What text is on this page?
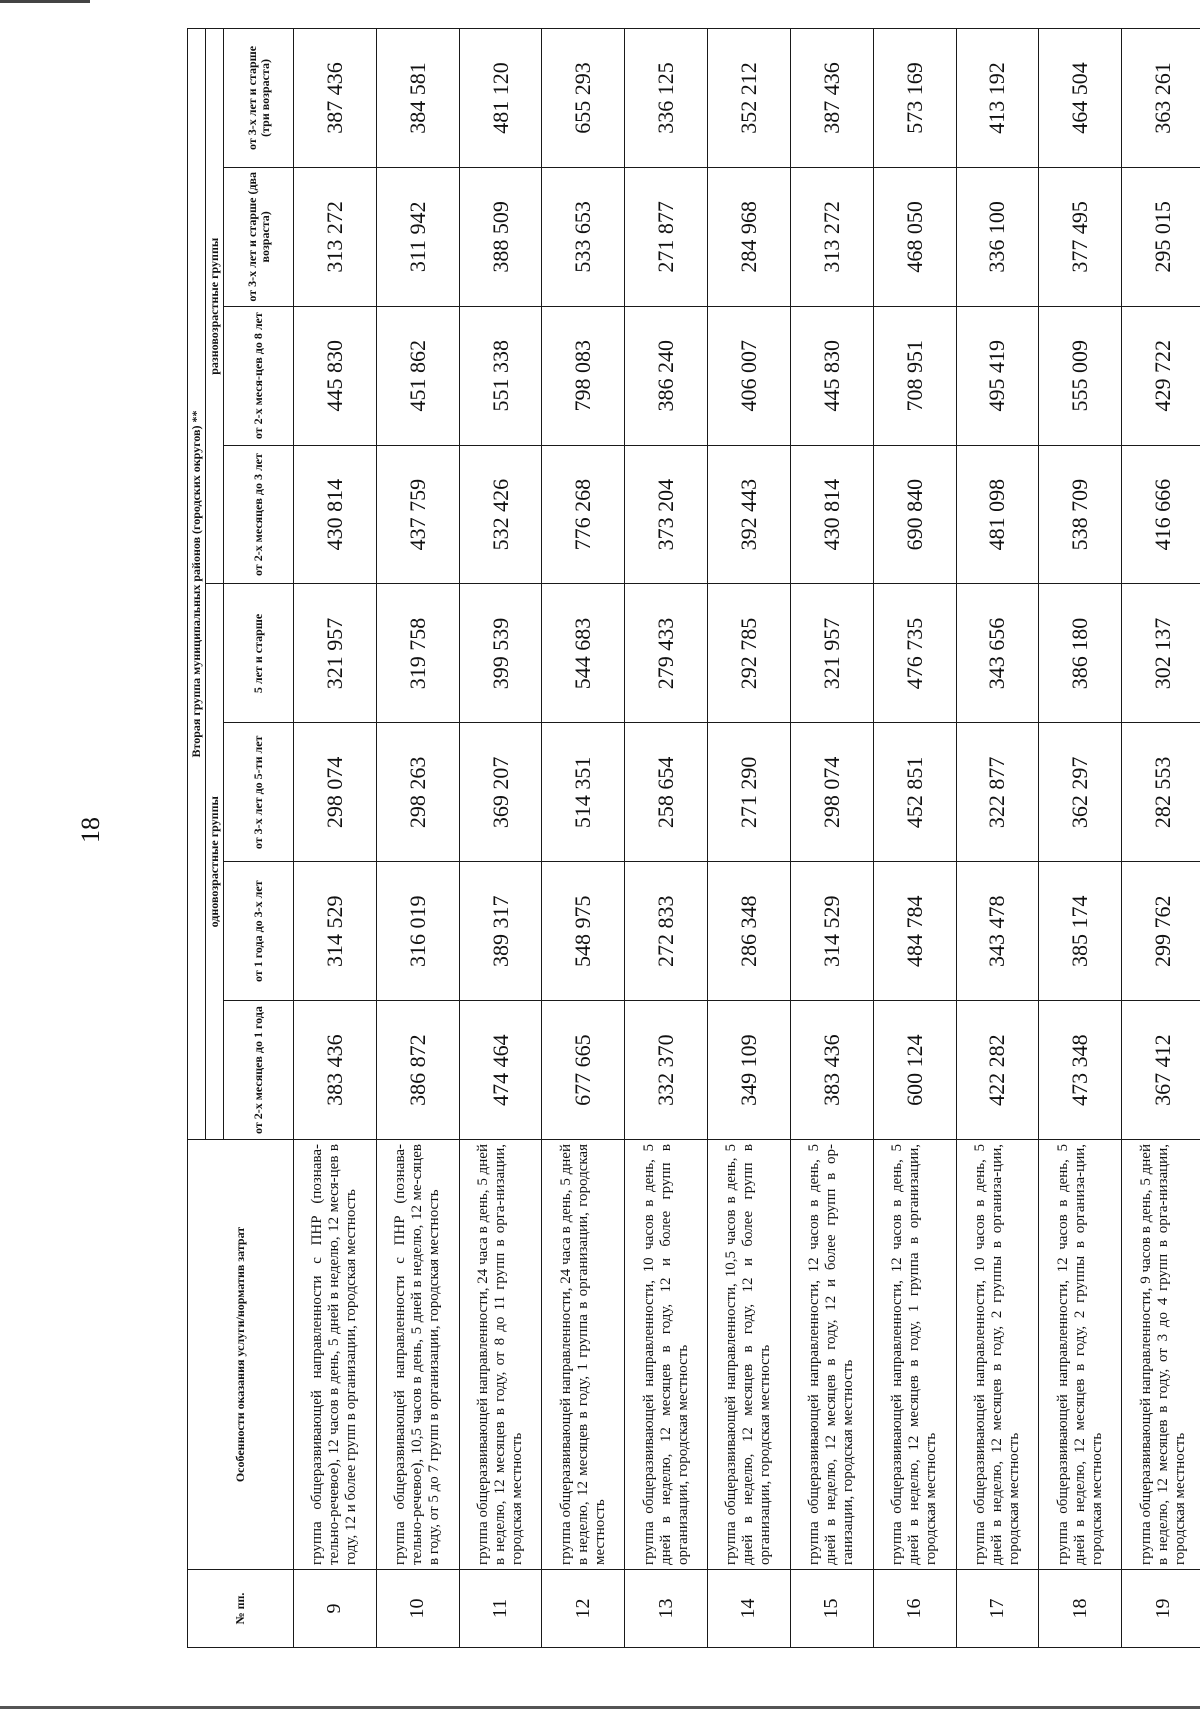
18
№ пп.	Особенности оказания услуги/норматив затрат	Вторая группа муниципальных районов (городских округов) **							
		одновозрастные группы				разновозрастные группы			
		от 2-х месяцев до 1 года	от 1 года до 3-х лет	от 3-х лет до 5-ти лет	5 лет и старше	от 2-х месяцев до 3 лет	от 2-х меся-цев до 8 лет	от 3-х лет и старше (два возраста)	от 3-х лет и старше (три возраста)
9	группа общеразвивающей направленности с ПНР (познава-тельно-речевое), 12 часов в день, 5 дней в неделю, 12 меся-цев в году, 12 и более групп в организации, городская местность	383 436	314 529	298 074	321 957	430 814	445 830	313 272	387 436
10	группа общеразвивающей направленности с ПНР (познава-тельно-речевое), 10,5 часов в день, 5 дней в неделю, 12 ме-сяцев в году, от 5 до 7 групп в организации, городская местность	386 872	316 019	298 263	319 758	437 759	451 862	311 942	384 581
11	группа общеразвивающей направленности, 24 часа в день, 5 дней в неделю, 12 месяцев в году, от 8 до 11 групп в орга-низации, городская местность	474 464	389 317	369 207	399 539	532 426	551 338	388 509	481 120
12	группа общеразвивающей направленности, 24 часа в день, 5 дней в неделю, 12 месяцев в году, 1 группа в организации, городская местность	677 665	548 975	514 351	544 683	776 268	798 083	533 653	655 293
13	группа общеразвивающей направленности, 10 часов в день, 5 дней в неделю, 12 месяцев в году, 12 и более групп в организации, городская местность	332 370	272 833	258 654	279 433	373 204	386 240	271 877	336 125
14	группа общеразвивающей направленности, 10,5 часов в день, 5 дней в неделю, 12 месяцев в году, 12 и более групп в организации, городская местность	349 109	286 348	271 290	292 785	392 443	406 007	284 968	352 212
15	группа общеразвивающей направленности, 12 часов в день, 5 дней в неделю, 12 месяцев в году, 12 и более групп в ор-ганизации, городская местность	383 436	314 529	298 074	321 957	430 814	445 830	313 272	387 436
16	группа общеразвивающей направленности, 12 часов в день, 5 дней в неделю, 12 месяцев в году, 1 группа в организации, городская местность	600 124	484 784	452 851	476 735	690 840	708 951	468 050	573 169
17	группа общеразвивающей направленности, 10 часов в день, 5 дней в неделю, 12 месяцев в году, 2 группы в организа-ции, городская местность	422 282	343 478	322 877	343 656	481 098	495 419	336 100	413 192
18	группа общеразвивающей направленности, 12 часов в день, 5 дней в неделю, 12 месяцев в году, 2 группы в организа-ции, городская местность	473 348	385 174	362 297	386 180	538 709	555 009	377 495	464 504
19	группа общеразвивающей направленности, 9 часов в день, 5 дней в неделю, 12 месяцев в году, от 3 до 4 групп в орга-низации, городская местность	367 412	299 762	282 553	302 137	416 666	429 722	295 015	363 261
